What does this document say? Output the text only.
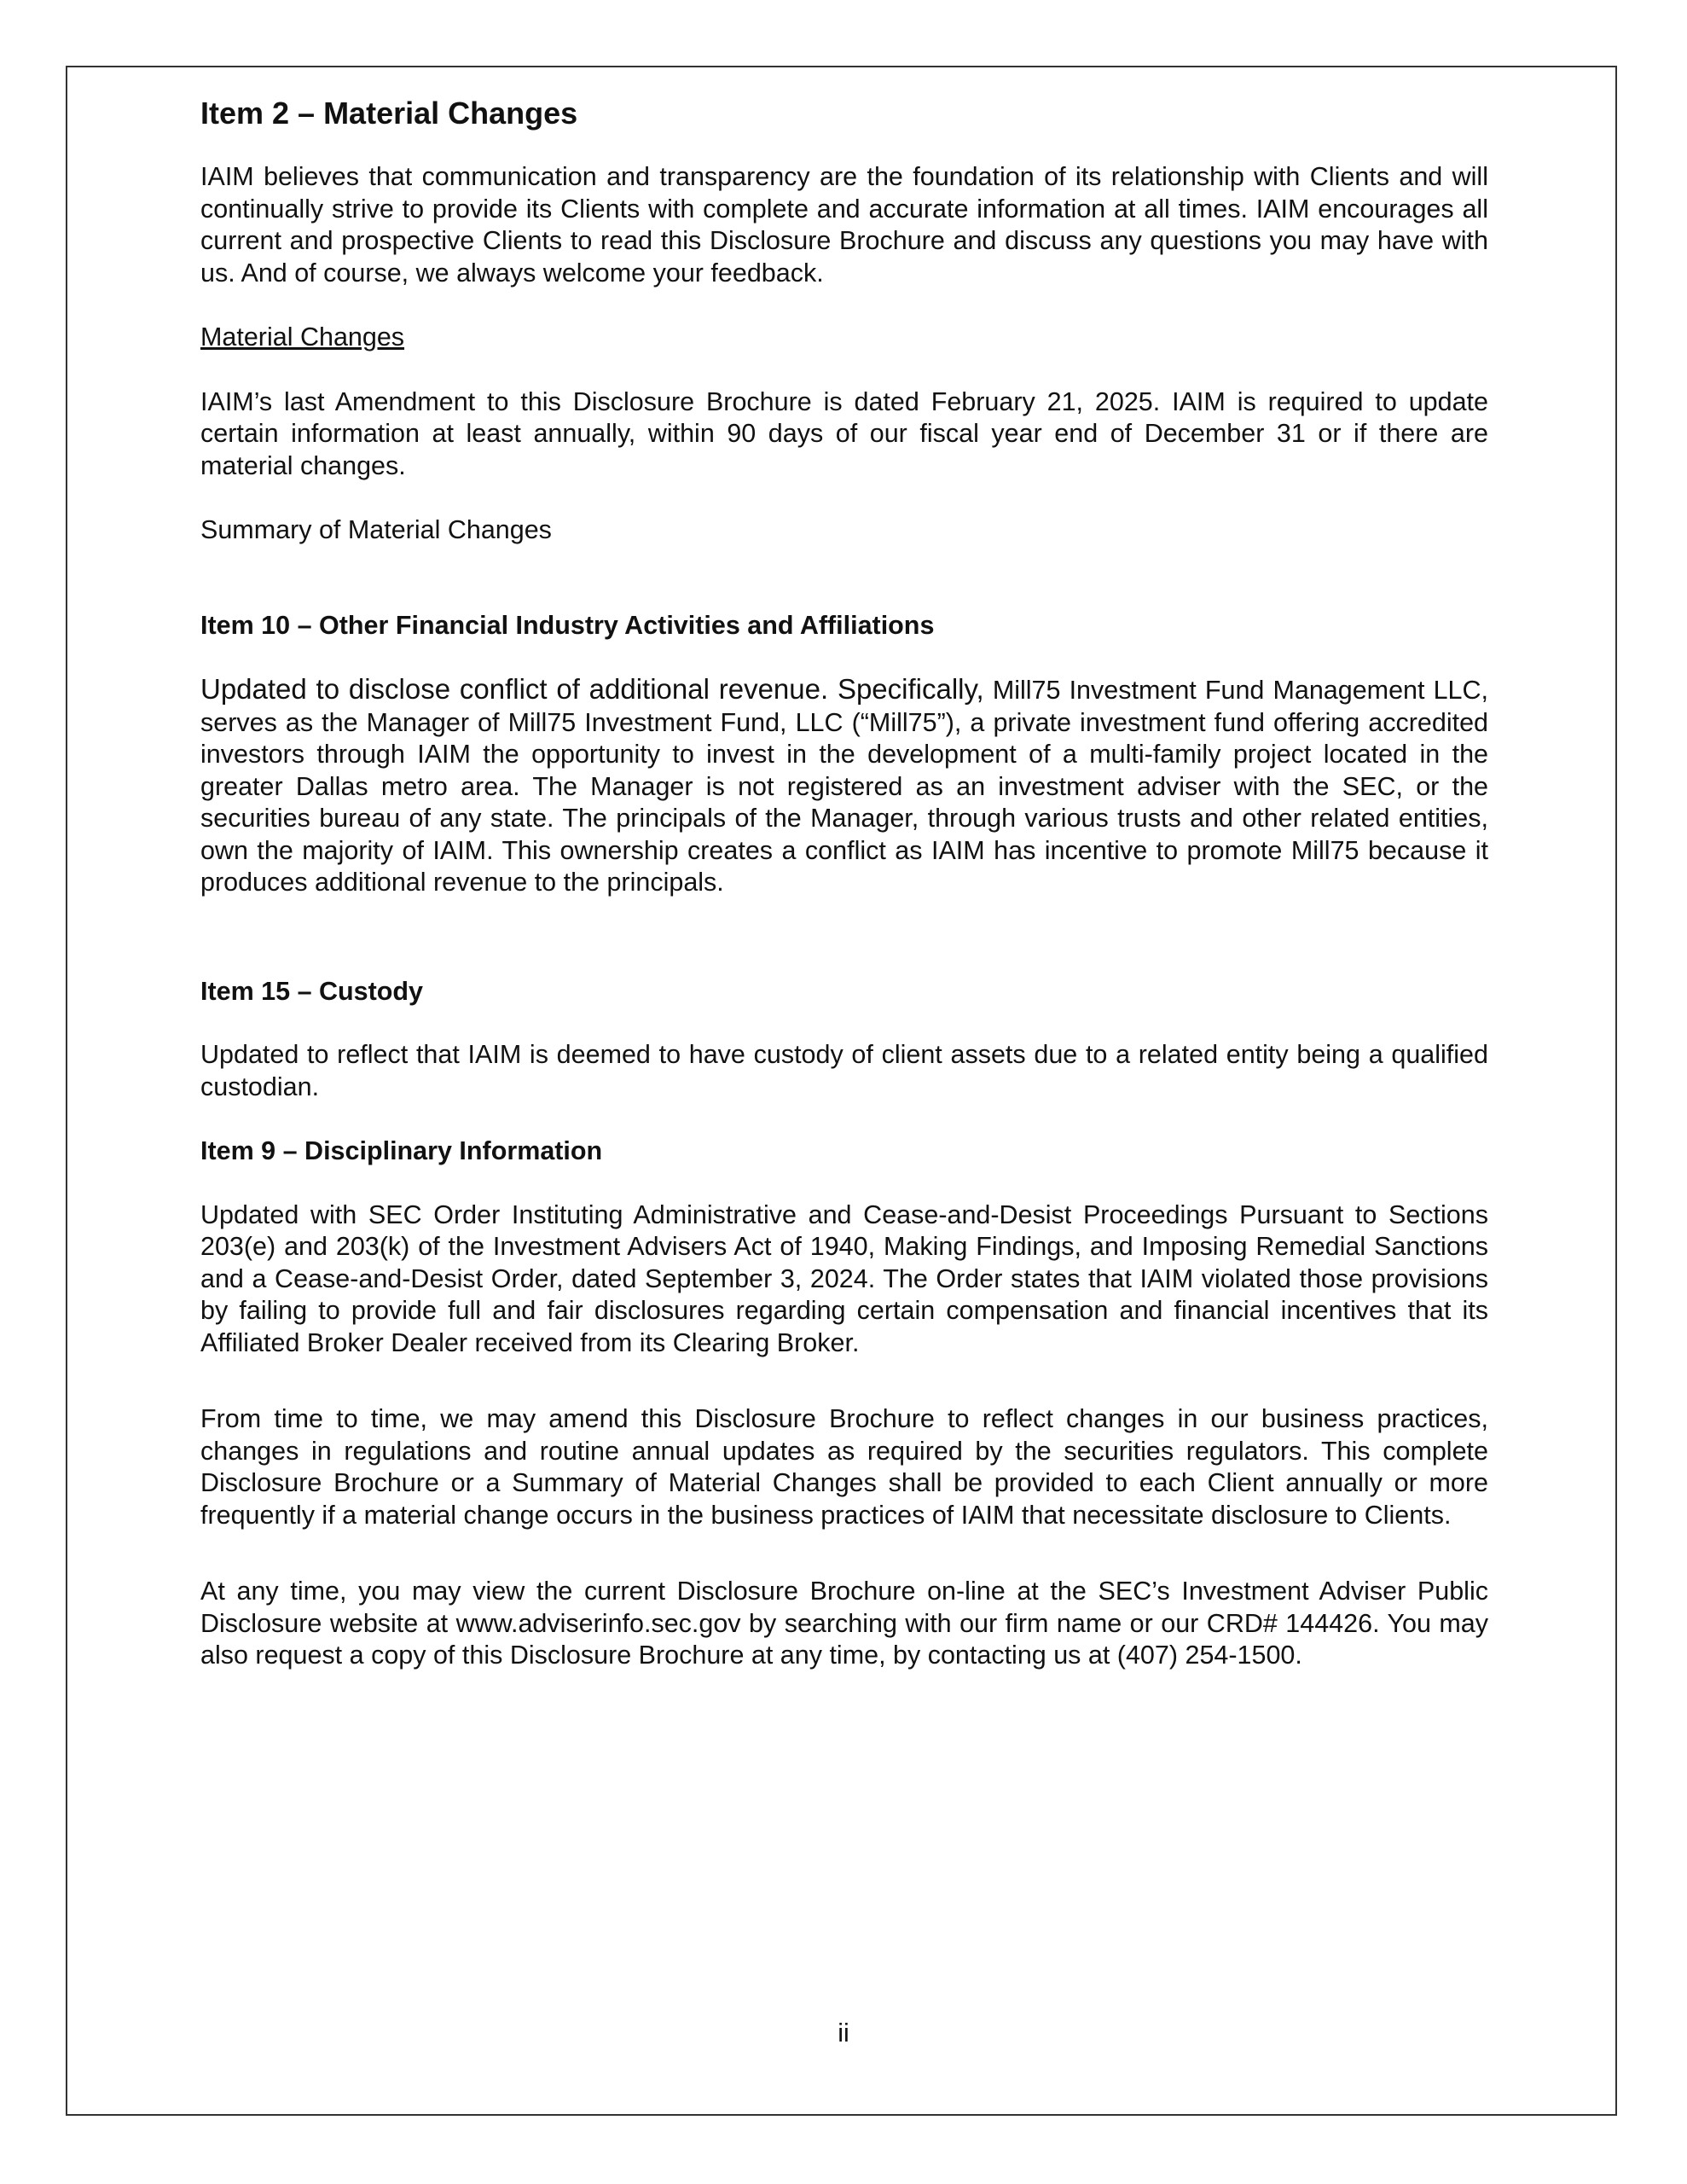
Item 2 – Material Changes

IAIM believes that communication and transparency are the foundation of its relationship with Clients and will continually strive to provide its Clients with complete and accurate information at all times. IAIM encourages all current and prospective Clients to read this Disclosure Brochure and discuss any questions you may have with us. And of course, we always welcome your feedback.

Material Changes

IAIM’s last Amendment to this Disclosure Brochure is dated February 21, 2025. IAIM is required to update certain information at least annually, within 90 days of our fiscal year end of December 31 or if there are material changes.

Summary of Material Changes

Item 10 – Other Financial Industry Activities and Affiliations

Updated to disclose conflict of additional revenue. Specifically, Mill75 Investment Fund Management LLC, serves as the Manager of Mill75 Investment Fund, LLC (“Mill75”), a private investment fund offering accredited investors through IAIM the opportunity to invest in the development of a multi-family project located in the greater Dallas metro area. The Manager is not registered as an investment adviser with the SEC, or the securities bureau of any state. The principals of the Manager, through various trusts and other related entities, own the majority of IAIM. This ownership creates a conflict as IAIM has incentive to promote Mill75 because it produces additional revenue to the principals.

Item 15 – Custody

Updated to reflect that IAIM is deemed to have custody of client assets due to a related entity being a qualified custodian.

Item 9 – Disciplinary Information

Updated with SEC Order Instituting Administrative and Cease-and-Desist Proceedings Pursuant to Sections 203(e) and 203(k) of the Investment Advisers Act of 1940, Making Findings, and Imposing Remedial Sanctions and a Cease-and-Desist Order, dated September 3, 2024. The Order states that IAIM violated those provisions by failing to provide full and fair disclosures regarding certain compensation and financial incentives that its Affiliated Broker Dealer received from its Clearing Broker.

From time to time, we may amend this Disclosure Brochure to reflect changes in our business practices, changes in regulations and routine annual updates as required by the securities regulators. This complete Disclosure Brochure or a Summary of Material Changes shall be provided to each Client annually or more frequently if a material change occurs in the business practices of IAIM that necessitate disclosure to Clients.

At any time, you may view the current Disclosure Brochure on-line at the SEC’s Investment Adviser Public Disclosure website at www.adviserinfo.sec.gov by searching with our firm name or our CRD# 144426. You may also request a copy of this Disclosure Brochure at any time, by contacting us at (407) 254-1500.

ii
